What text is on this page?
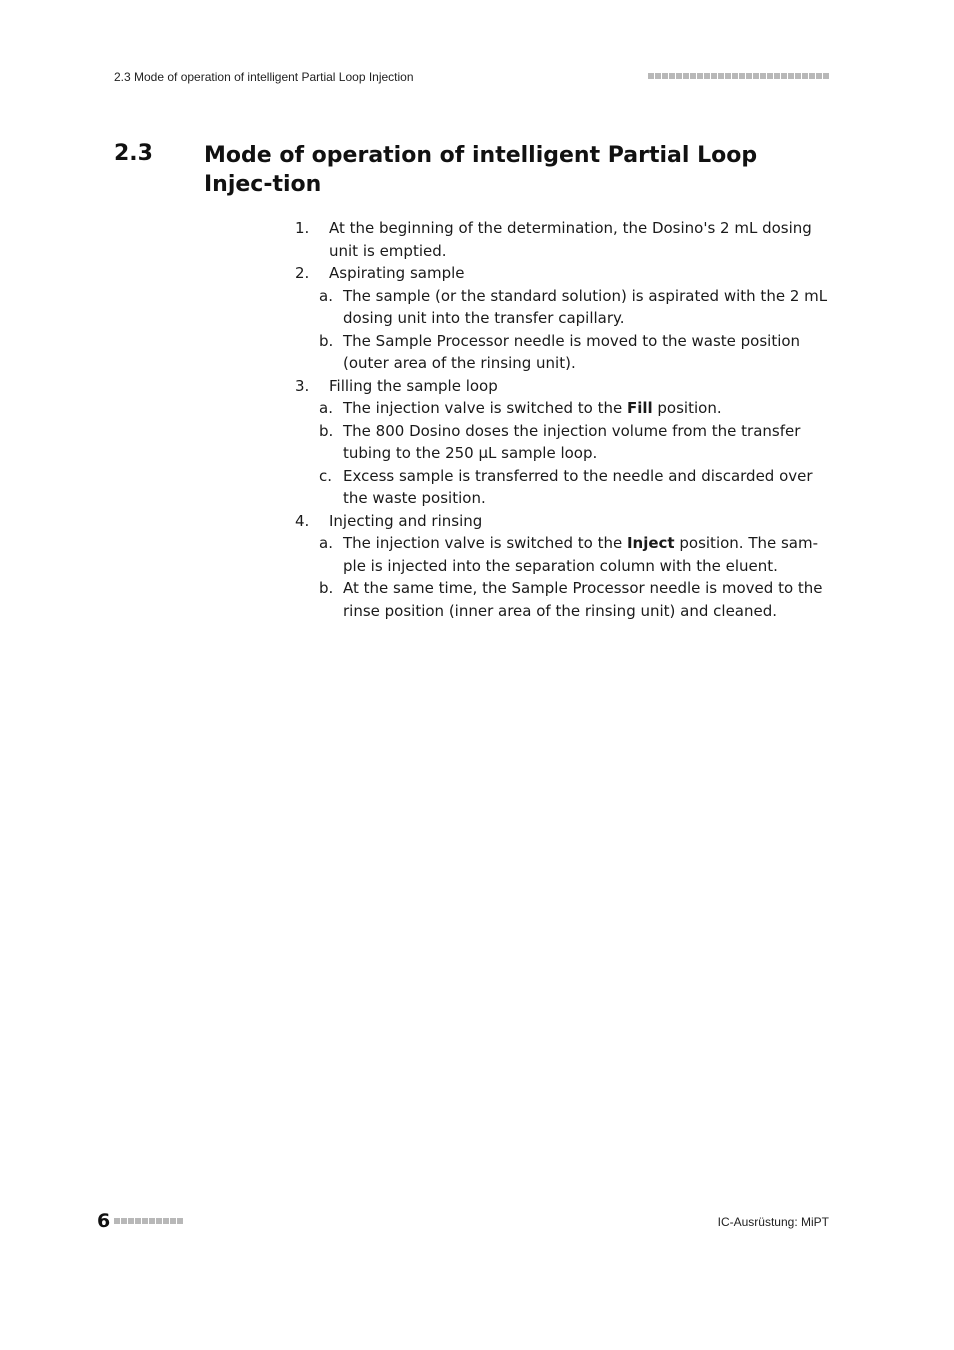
2.3 Mode of operation of intelligent Partial Loop Injection
2.3 Mode of operation of intelligent Partial Loop Injec-tion
1. At the beginning of the determination, the Dosino's 2 mL dosing unit is emptied.
2. Aspirating sample
a. The sample (or the standard solution) is aspirated with the 2 mL dosing unit into the transfer capillary.
b. The Sample Processor needle is moved to the waste position (outer area of the rinsing unit).
3. Filling the sample loop
a. The injection valve is switched to the Fill position.
b. The 800 Dosino doses the injection volume from the transfer tubing to the 250 µL sample loop.
c. Excess sample is transferred to the needle and discarded over the waste position.
4. Injecting and rinsing
a. The injection valve is switched to the Inject position. The sam-ple is injected into the separation column with the eluent.
b. At the same time, the Sample Processor needle is moved to the rinse position (inner area of the rinsing unit) and cleaned.
6	IC-Ausrüstung: MiPT
